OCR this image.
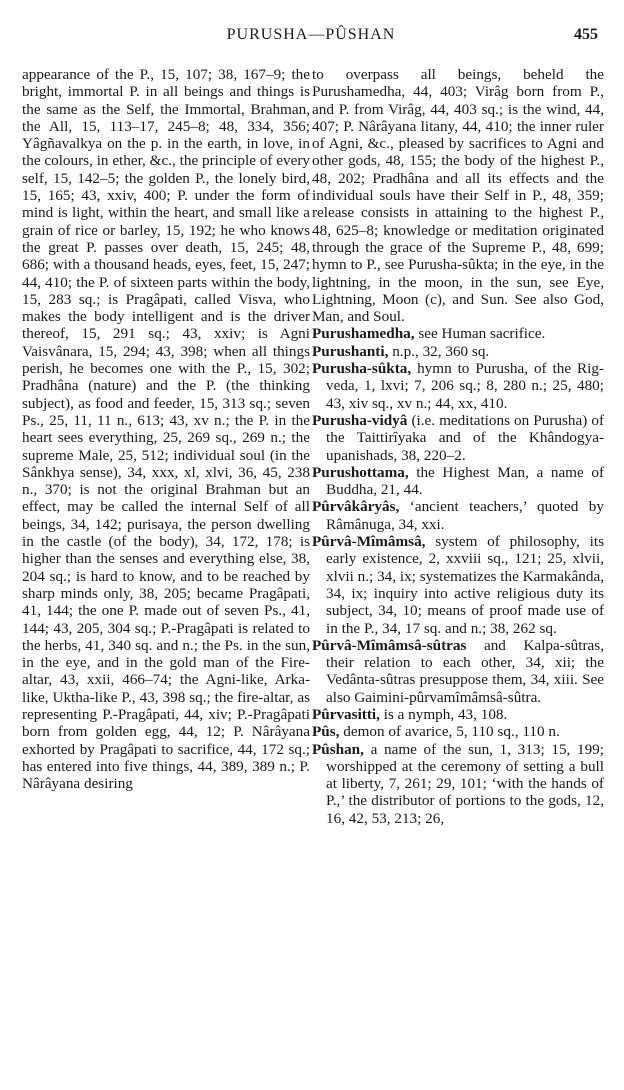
PURUSHA—PÛSHAN	455

appearance of the P., 15, 107; 38, 167–9; the bright, immortal P. in all beings and things is the same as the Self, the Immortal, Brahman, the All, 15, 113–17, 245–8; 48, 334, 356; Yâgñavalkya on the p. in the earth, in love, in the colours, in ether, &c., the principle of every self, 15, 142–5; the golden P., the lonely bird, 15, 165; 43, xxiv, 400; P. under the form of mind is light, within the heart, and small like a grain of rice or barley, 15, 192; he who knows the great P. passes over death, 15, 245; 48, 686; with a thousand heads, eyes, feet, 15, 247; 44, 410; the P. of sixteen parts within the body, 15, 283 sq.; is Pragâpati, called Visva, who makes the body intelligent and is the driver thereof, 15, 291 sq.; 43, xxiv; is Agni Vaisvânara, 15, 294; 43, 398; when all things perish, he becomes one with the P., 15, 302; Pradhâna (nature) and the P. (the thinking subject), as food and feeder, 15, 313 sq.; seven Ps., 25, 11, 11 n., 613; 43, xv n.; the P. in the heart sees everything, 25, 269 sq., 269 n.; the supreme Male, 25, 512; individual soul (in the Sânkhya sense), 34, xxx, xl, xlvi, 36, 45, 238 n., 370; is not the original Brahman but an effect, may be called the internal Self of all beings, 34, 142; purisaya, the person dwelling in the castle (of the body), 34, 172, 178; is higher than the senses and everything else, 38, 204 sq.; is hard to know, and to be reached by sharp minds only, 38, 205; became Pragâpati, 41, 144; the one P. made out of seven Ps., 41, 144; 43, 205, 304 sq.; P.-Pragâpati is related to the herbs, 41, 340 sq. and n.; the Ps. in the sun, in the eye, and in the gold man of the Fire-altar, 43, xxii, 466–74; the Agni-like, Arka-like, Uktha-like P., 43, 398 sq.; the fire-altar, as representing P.-Pragâpati, 44, xiv; P.-Pragâpati born from golden egg, 44, 12; P. Nârâyana exhorted by Pragâpati to sacrifice, 44, 172 sq.; has entered into five things, 44, 389, 389 n.; P. Nârâyana desiring

to overpass all beings, beheld the Purushamedha, 44, 403; Virâg born from P., and P. from Virâg, 44, 403 sq.; is the wind, 44, 407; P. Nârâyana litany, 44, 410; the inner ruler of Agni, &c., pleased by sacrifices to Agni and other gods, 48, 155; the body of the highest P., 48, 202; Pradhâna and all its effects and the individual souls have their Self in P., 48, 359; release consists in attaining to the highest P., 48, 625–8; knowledge or meditation originated through the grace of the Supreme P., 48, 699; hymn to P., see Purusha-sûkta; in the eye, in the lightning, in the moon, in the sun, see Eye, Lightning, Moon (c), and Sun. See also God, Man, and Soul.

Purushamedha, see Human sacrifice.

Purushanti, n.p., 32, 360 sq.

Purusha-sûkta, hymn to Purusha, of the Rig-veda, 1, lxvi; 7, 206 sq.; 8, 280 n.; 25, 480; 43, xiv sq., xv n.; 44, xx, 410.

Purusha-vidyâ (i.e. meditations on Purusha) of the Taittirîyaka and of the Khândogya-upanishads, 38, 220–2.

Purushottama, the Highest Man, a name of Buddha, 21, 44.

Pûrvâkâryâs, ‘ancient teachers,’ quoted by Râmânuga, 34, xxi.

Pûrvâ-Mîmâmsâ, system of philosophy, its early existence, 2, xxviii sq., 121; 25, xlvii, xlvii n.; 34, ix; systematizes the Karmakânda, 34, ix; inquiry into active religious duty its subject, 34, 10; means of proof made use of in the P., 34, 17 sq. and n.; 38, 262 sq.

Pûrvâ-Mîmâmsâ-sûtras and Kalpa-sûtras, their relation to each other, 34, xii; the Vedânta-sûtras presuppose them, 34, xiii. See also Gaimini-pûrvamîmâmsâ-sûtra.

Pûrvasitti, is a nymph, 43, 108.

Pûs, demon of avarice, 5, 110 sq., 110 n.

Pûshan, a name of the sun, 1, 313; 15, 199; worshipped at the ceremony of setting a bull at liberty, 7, 261; 29, 101; ‘with the hands of P.,’ the distributor of portions to the gods, 12, 16, 42, 53, 213; 26,
